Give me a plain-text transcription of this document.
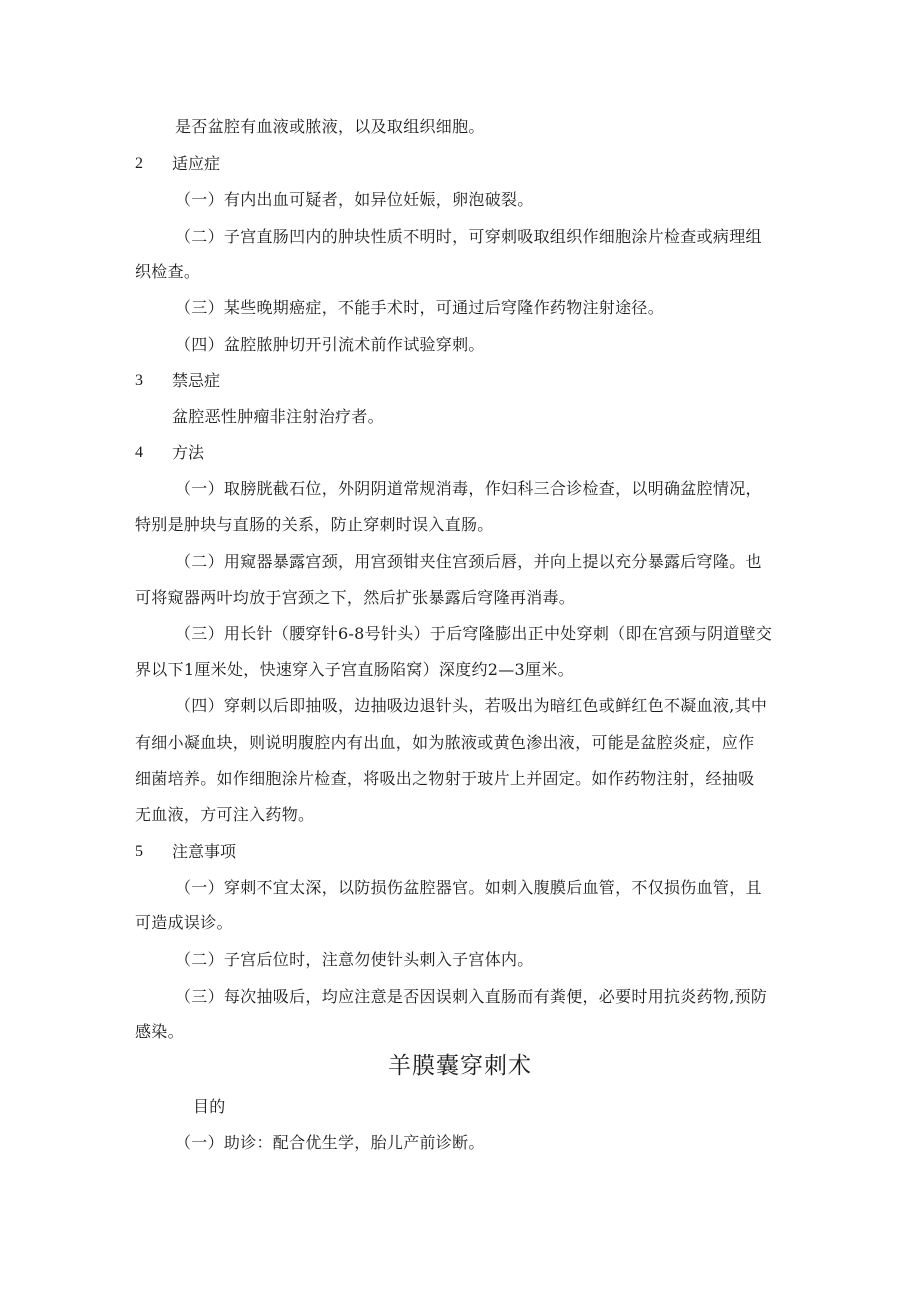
是否盆腔有血液或脓液，以及取组织细胞。
2 适应症
（一）有内出血可疑者，如异位妊娠，卵泡破裂。
（二）子宫直肠凹内的肿块性质不明时，可穿刺吸取组织作细胞涂片检查或病理组
织检查。
（三）某些晚期癌症，不能手术时，可通过后穹隆作药物注射途径。
（四）盆腔脓肿切开引流术前作试验穿刺。
3 禁忌症
盆腔恶性肿瘤非注射治疗者。
4 方法
（一）取膀胱截石位，外阴阴道常规消毒，作妇科三合诊检查，以明确盆腔情况，
特别是肿块与直肠的关系，防止穿刺时误入直肠。
（二）用窥器暴露宫颈，用宫颈钳夹住宫颈后唇，并向上提以充分暴露后穹隆。也
可将窥器两叶均放于宫颈之下，然后扩张暴露后穹隆再消毒。
（三）用长针（腰穿针6-8号针头）于后穹隆膨出正中处穿刺（即在宫颈与阴道壁交
界以下1厘米处，快速穿入子宫直肠陷窝）深度约2—3厘米。
（四）穿刺以后即抽吸，边抽吸边退针头，若吸出为暗红色或鲜红色不凝血液,其中
有细小凝血块，则说明腹腔内有出血，如为脓液或黄色渗出液，可能是盆腔炎症，应作
细菌培养。如作细胞涂片检查，将吸出之物射于玻片上并固定。如作药物注射，经抽吸
无血液，方可注入药物。
5 注意事项
（一）穿刺不宜太深，以防损伤盆腔器官。如刺入腹膜后血管，不仅损伤血管，且
可造成误诊。
（二）子宫后位时，注意勿使针头刺入子宫体内。
（三）每次抽吸后，均应注意是否因误刺入直肠而有粪便，必要时用抗炎药物,预防
感染。
羊膜囊穿刺术
目的
（一）助诊：配合优生学，胎儿产前诊断。
